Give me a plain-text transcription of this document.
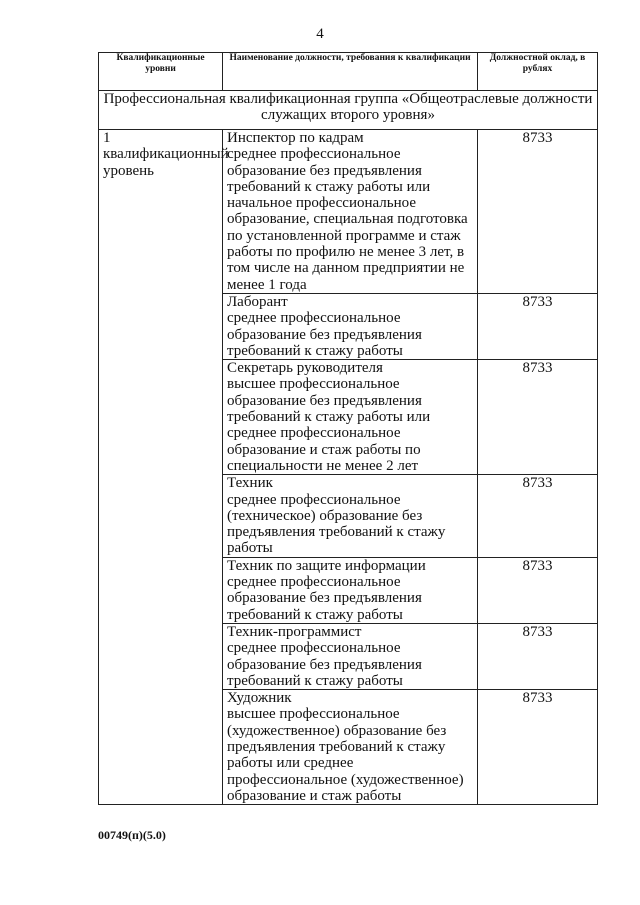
4
Квалификационные уровни	Наименование должности, требования к квалификации	Должностной оклад, в рублях
Профессиональная квалификационная группа «Общеотраслевые должности служащих второго уровня»		
1 квалификационный уровень	Инспектор по кадрам
среднее профессиональное образование без предъявления требований к стажу работы или начальное профессиональное образование, специальная подготовка по установленной программе и стаж работы по профилю не менее 3 лет, в том числе на данном предприятии не менее 1 года	8733

	Лаборант
среднее профессиональное образование без предъявления требований к стажу работы	8733

	Секретарь руководителя
высшее профессиональное образование без предъявления требований к стажу работы или среднее профессиональное образование и стаж работы по специальности не менее 2 лет	8733

	Техник
среднее профессиональное (техническое) образование без предъявления требований к стажу работы	8733

	Техник по защите информации
среднее профессиональное образование без предъявления требований к стажу работы	8733

	Техник-программист
среднее профессиональное образование без предъявления требований к стажу работы	8733

	Художник
высшее профессиональное (художественное) образование без предъявления требований к стажу работы или среднее профессиональное (художественное) образование и стаж работы	8733
00749(п)(5.0)
